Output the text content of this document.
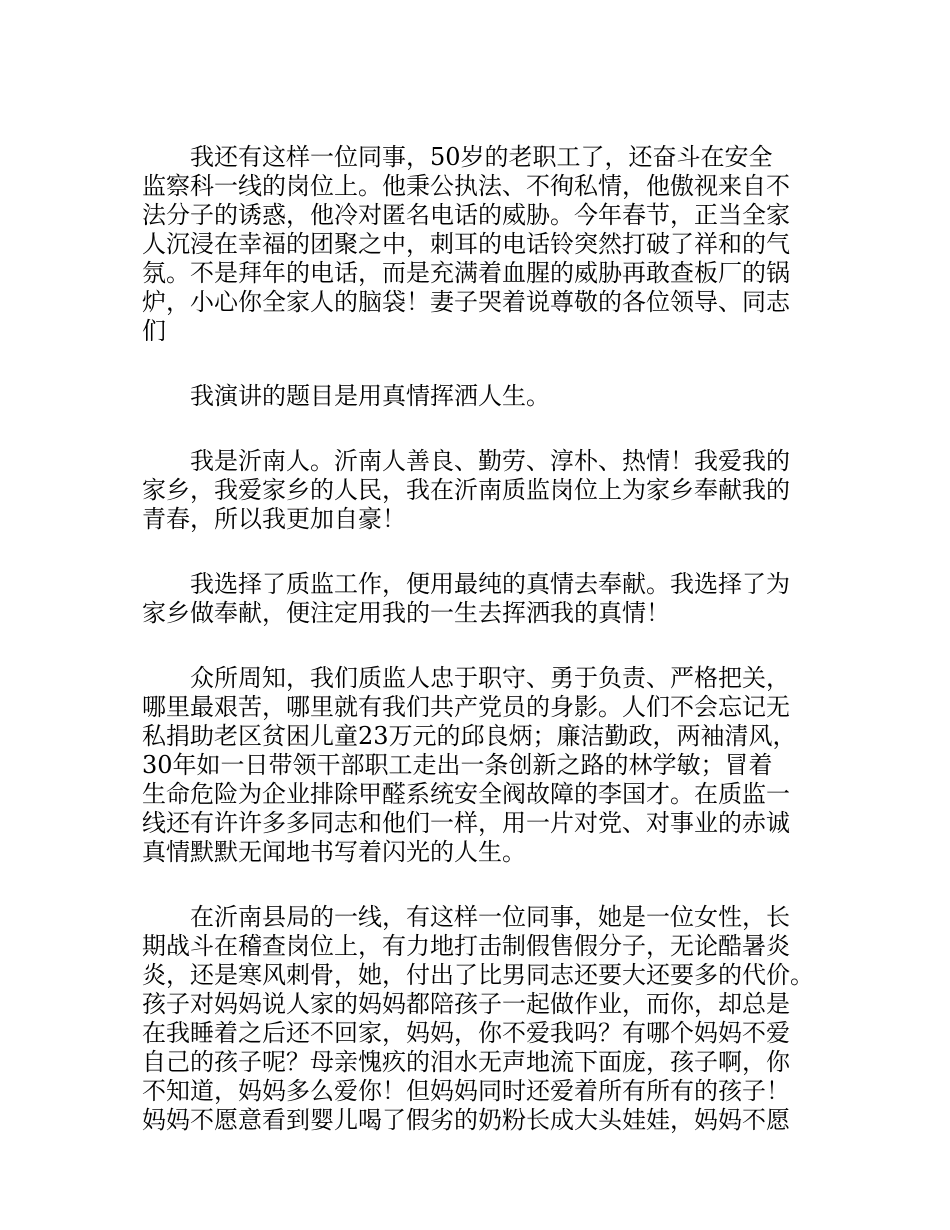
我还有这样一位同事，50岁的老职工了，还奋斗在安全
监察科一线的岗位上。他秉公执法、不徇私情，他傲视来自不
法分子的诱惑，他冷对匿名电话的威胁。今年春节，正当全家
人沉浸在幸福的团聚之中，刺耳的电话铃突然打破了祥和的气
氛。不是拜年的电话，而是充满着血腥的威胁再敢查板厂的锅
炉，小心你全家人的脑袋！妻子哭着说尊敬的各位领导、同志
们
我演讲的题目是用真情挥洒人生。
我是沂南人。沂南人善良、勤劳、淳朴、热情！我爱我的
家乡，我爱家乡的人民，我在沂南质监岗位上为家乡奉献我的
青春，所以我更加自豪！
我选择了质监工作，便用最纯的真情去奉献。我选择了为
家乡做奉献，便注定用我的一生去挥洒我的真情！
众所周知，我们质监人忠于职守、勇于负责、严格把关，
哪里最艰苦，哪里就有我们共产党员的身影。人们不会忘记无
私捐助老区贫困儿童23万元的邱良炳；廉洁勤政，两袖清风，
30年如一日带领干部职工走出一条创新之路的林学敏；冒着
生命危险为企业排除甲醛系统安全阀故障的李国才。在质监一
线还有许许多多同志和他们一样，用一片对党、对事业的赤诚
真情默默无闻地书写着闪光的人生。
在沂南县局的一线，有这样一位同事，她是一位女性，长
期战斗在稽查岗位上，有力地打击制假售假分子，无论酷暑炎
炎，还是寒风刺骨，她，付出了比男同志还要大还要多的代价。
孩子对妈妈说人家的妈妈都陪孩子一起做作业，而你，却总是
在我睡着之后还不回家，妈妈，你不爱我吗？有哪个妈妈不爱
自己的孩子呢？母亲愧疚的泪水无声地流下面庞，孩子啊，你
不知道，妈妈多么爱你！但妈妈同时还爱着所有所有的孩子！
妈妈不愿意看到婴儿喝了假劣的奶粉长成大头娃娃，妈妈不愿
